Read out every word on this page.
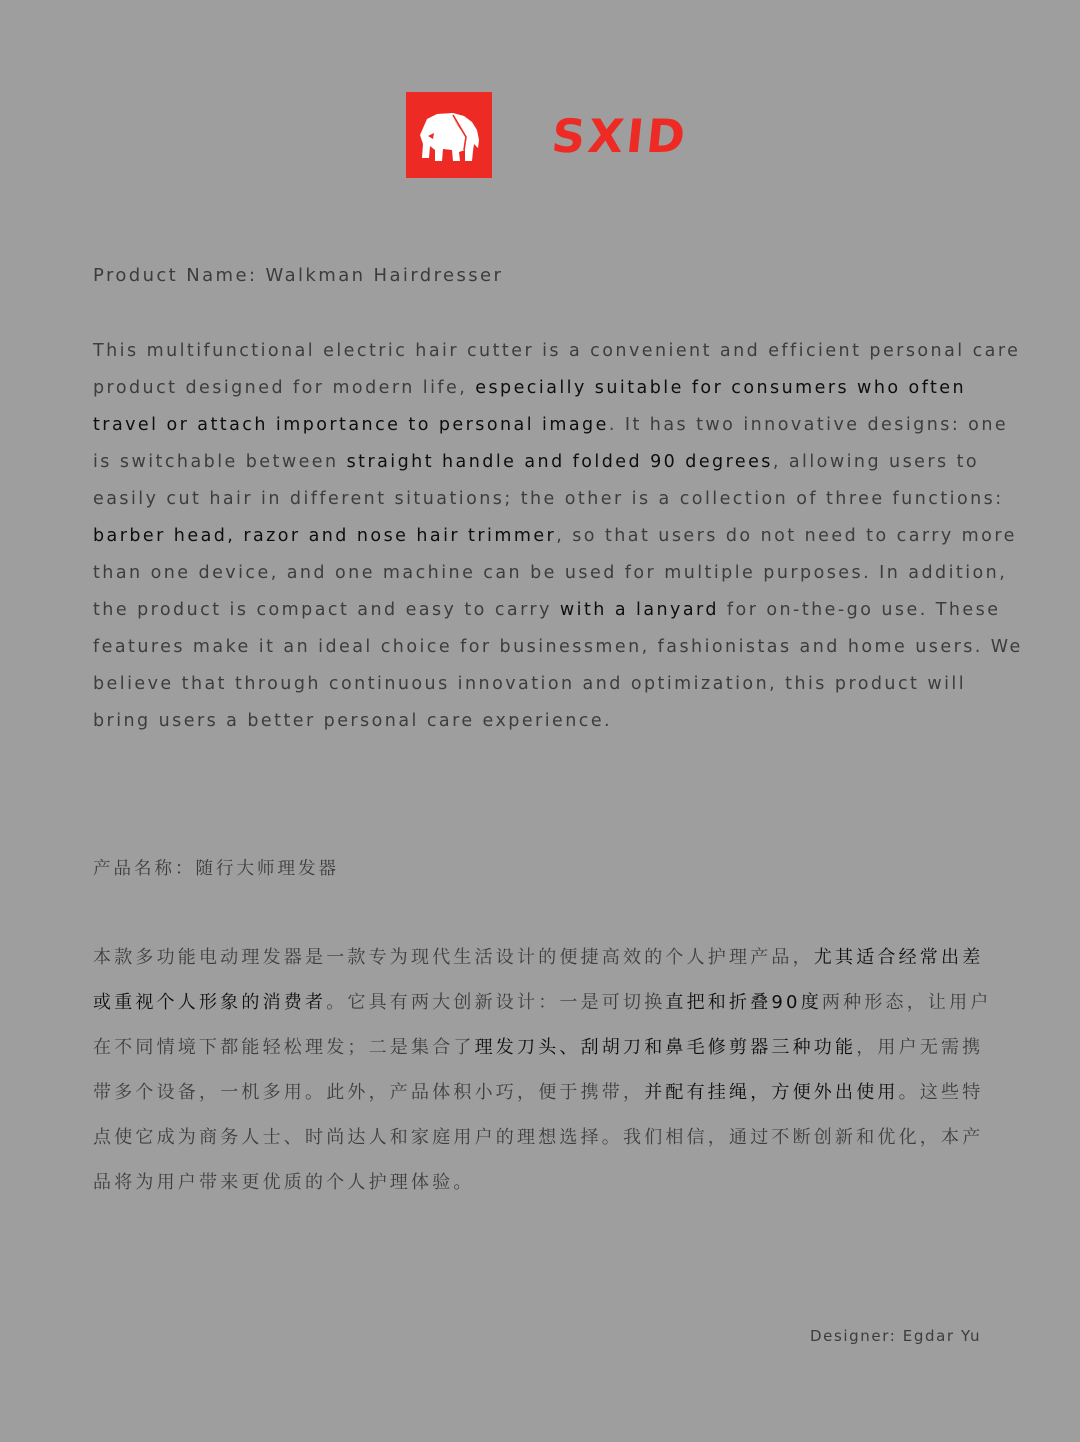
SXID
Product Name: Walkman Hairdresser

This multifunctional electric hair cutter is a convenient and efficient personal care product designed for modern life, especially suitable for consumers who often travel or attach importance to personal image. It has two innovative designs: one is switchable between straight handle and folded 90 degrees, allowing users to easily cut hair in different situations; the other is a collection of three functions: barber head, razor and nose hair trimmer, so that users do not need to carry more than one device, and one machine can be used for multiple purposes. In addition, the product is compact and easy to carry with a lanyard for on-the-go use. These features make it an ideal choice for businessmen, fashionistas and home users. We believe that through continuous innovation and optimization, this product will bring users a better personal care experience.

产品名称：随行大师理发器

本款多功能电动理发器是一款专为现代生活设计的便捷高效的个人护理产品，尤其适合经常出差或重视个人形象的消费者。它具有两大创新设计：一是可切换直把和折叠90度两种形态，让用户在不同情境下都能轻松理发；二是集合了理发刀头、刮胡刀和鼻毛修剪器三种功能，用户无需携带多个设备，一机多用。此外，产品体积小巧，便于携带，并配有挂绳，方便外出使用。这些特点使它成为商务人士、时尚达人和家庭用户的理想选择。我们相信，通过不断创新和优化，本产品将为用户带来更优质的个人护理体验。

Designer: Egdar Yu
